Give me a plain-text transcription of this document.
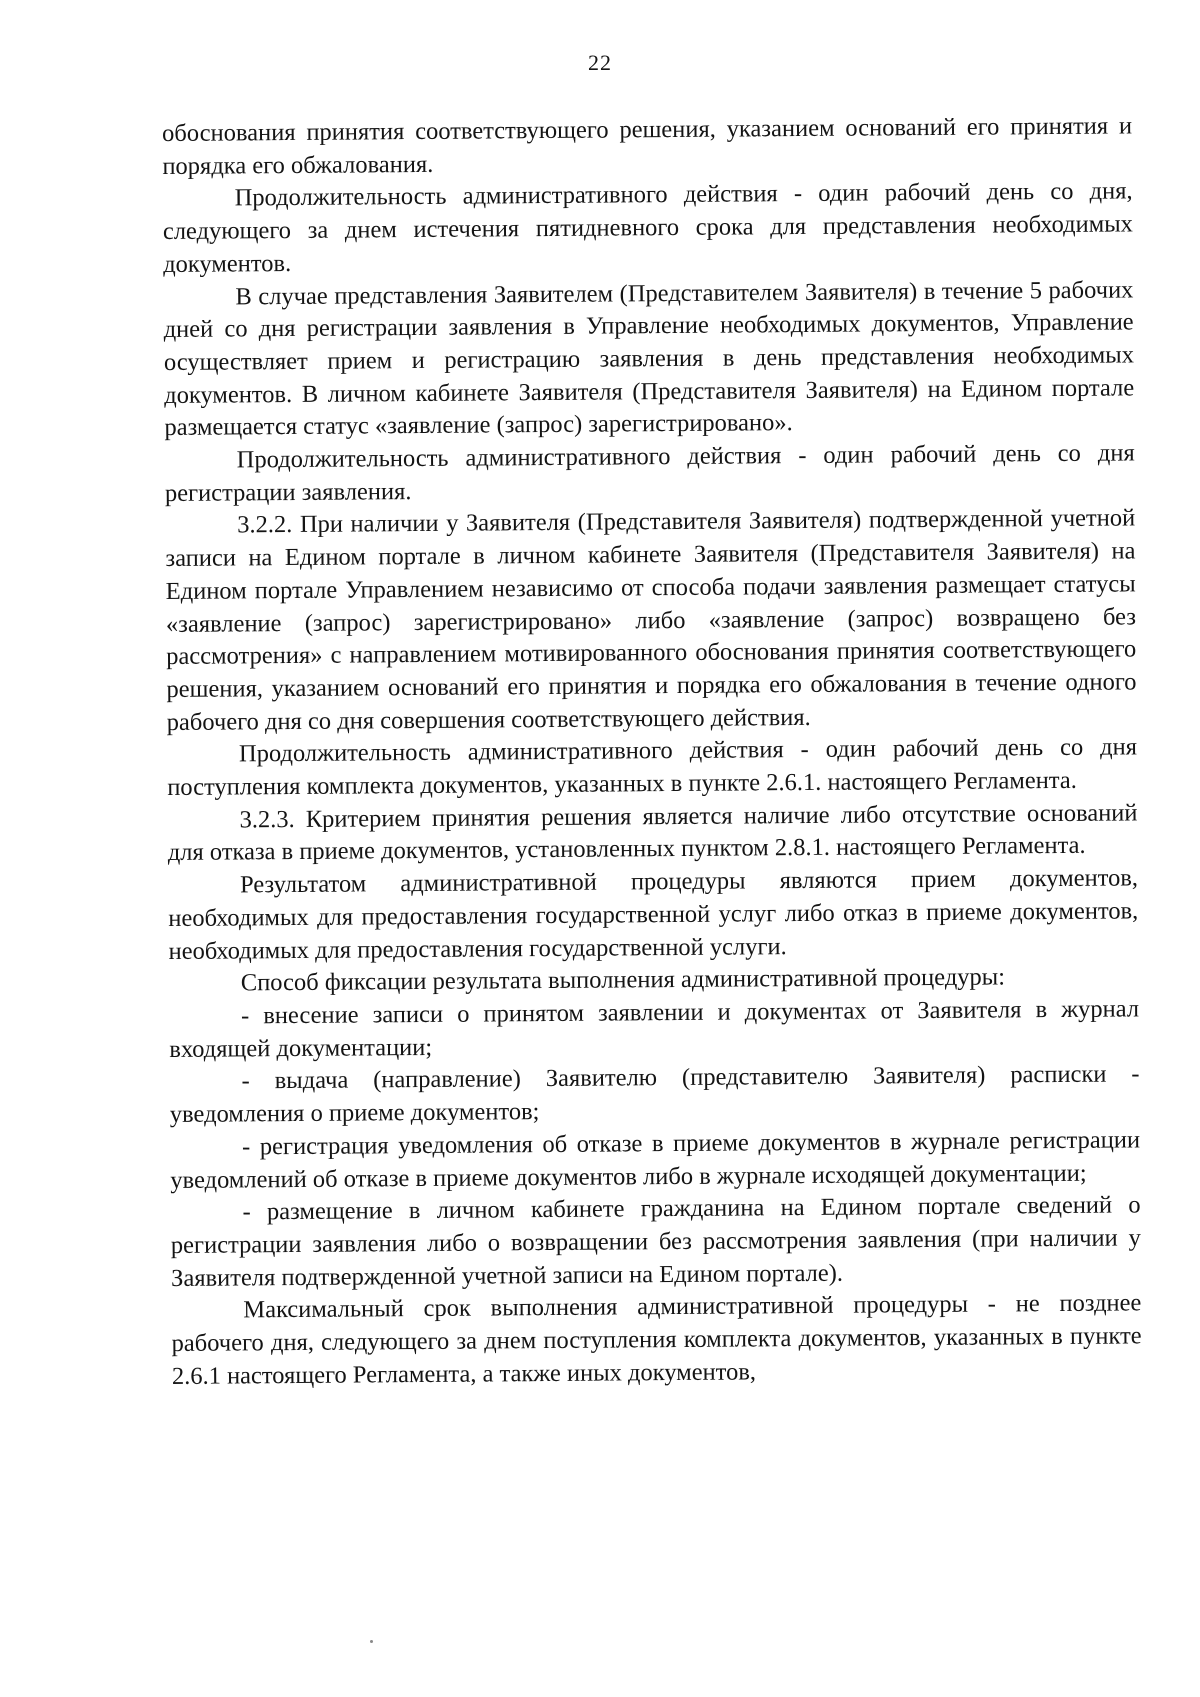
22

обоснования принятия соответствующего решения, указанием оснований его принятия и порядка его обжалования.

Продолжительность административного действия - один рабочий день со дня, следующего за днем истечения пятидневного срока для представления необходимых документов.

В случае представления Заявителем (Представителем Заявителя) в течение 5 рабочих дней со дня регистрации заявления в Управление необходимых документов, Управление осуществляет прием и регистрацию заявления в день представления необходимых документов. В личном кабинете Заявителя (Представителя Заявителя) на Едином портале размещается статус «заявление (запрос) зарегистрировано».

Продолжительность административного действия - один рабочий день со дня регистрации заявления.

3.2.2. При наличии у Заявителя (Представителя Заявителя) подтвержденной учетной записи на Едином портале в личном кабинете Заявителя (Представителя Заявителя) на Едином портале Управлением независимо от способа подачи заявления размещает статусы «заявление (запрос) зарегистрировано» либо «заявление (запрос) возвращено без рассмотрения» с направлением мотивированного обоснования принятия соответствующего решения, указанием оснований его принятия и порядка его обжалования в течение одного рабочего дня со дня совершения соответствующего действия.

Продолжительность административного действия - один рабочий день со дня поступления комплекта документов, указанных в пункте 2.6.1. настоящего Регламента.

3.2.3. Критерием принятия решения является наличие либо отсутствие оснований для отказа в приеме документов, установленных пунктом 2.8.1. настоящего Регламента.

Результатом административной процедуры являются прием документов, необходимых для предоставления государственной услуг либо отказ в приеме документов, необходимых для предоставления государственной услуги.

Способ фиксации результата выполнения административной процедуры:

- внесение записи о принятом заявлении и документах от Заявителя в журнал входящей документации;

- выдача (направление) Заявителю (представителю Заявителя) расписки - уведомления о приеме документов;

- регистрация уведомления об отказе в приеме документов в журнале регистрации уведомлений об отказе в приеме документов либо в журнале исходящей документации;

- размещение в личном кабинете гражданина на Едином портале сведений о регистрации заявления либо о возвращении без рассмотрения заявления (при наличии у Заявителя подтвержденной учетной записи на Едином портале).

Максимальный срок выполнения административной процедуры - не позднее рабочего дня, следующего за днем поступления комплекта документов, указанных в пункте 2.6.1 настоящего Регламента, а также иных документов,
